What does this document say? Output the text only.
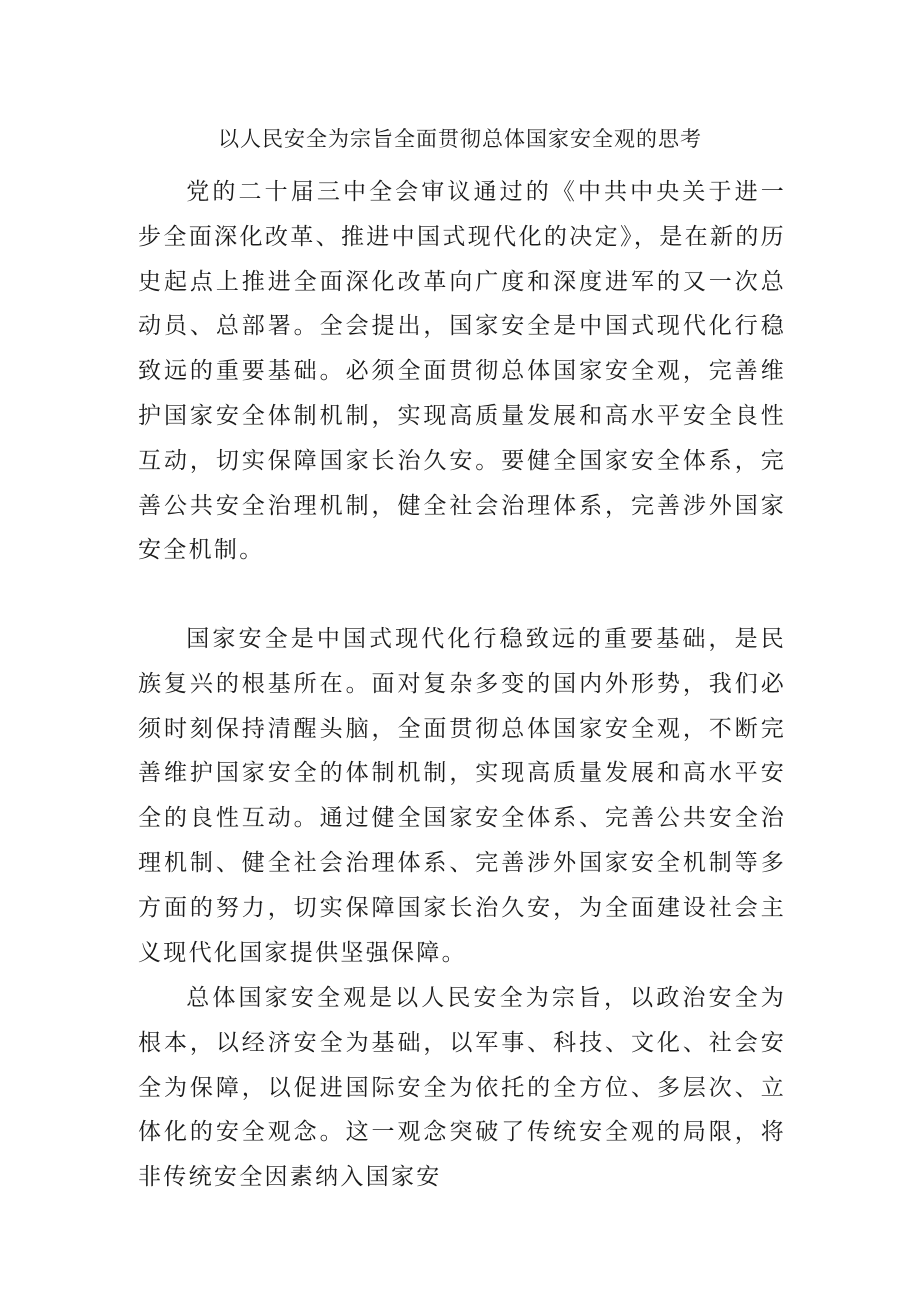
以人民安全为宗旨全面贯彻总体国家安全观的思考

党的二十届三中全会审议通过的《中共中央关于进一步全面深化改革、推进中国式现代化的决定》，是在新的历史起点上推进全面深化改革向广度和深度进军的又一次总动员、总部署。全会提出，国家安全是中国式现代化行稳致远的重要基础。必须全面贯彻总体国家安全观，完善维护国家安全体制机制，实现高质量发展和高水平安全良性互动，切实保障国家长治久安。要健全国家安全体系，完善公共安全治理机制，健全社会治理体系，完善涉外国家安全机制。

国家安全是中国式现代化行稳致远的重要基础，是民族复兴的根基所在。面对复杂多变的国内外形势，我们必须时刻保持清醒头脑，全面贯彻总体国家安全观，不断完善维护国家安全的体制机制，实现高质量发展和高水平安全的良性互动。通过健全国家安全体系、完善公共安全治理机制、健全社会治理体系、完善涉外国家安全机制等多方面的努力，切实保障国家长治久安，为全面建设社会主义现代化国家提供坚强保障。

总体国家安全观是以人民安全为宗旨，以政治安全为根本，以经济安全为基础，以军事、科技、文化、社会安全为保障，以促进国际安全为依托的全方位、多层次、立体化的安全观念。这一观念突破了传统安全观的局限，将非传统安全因素纳入国家安
